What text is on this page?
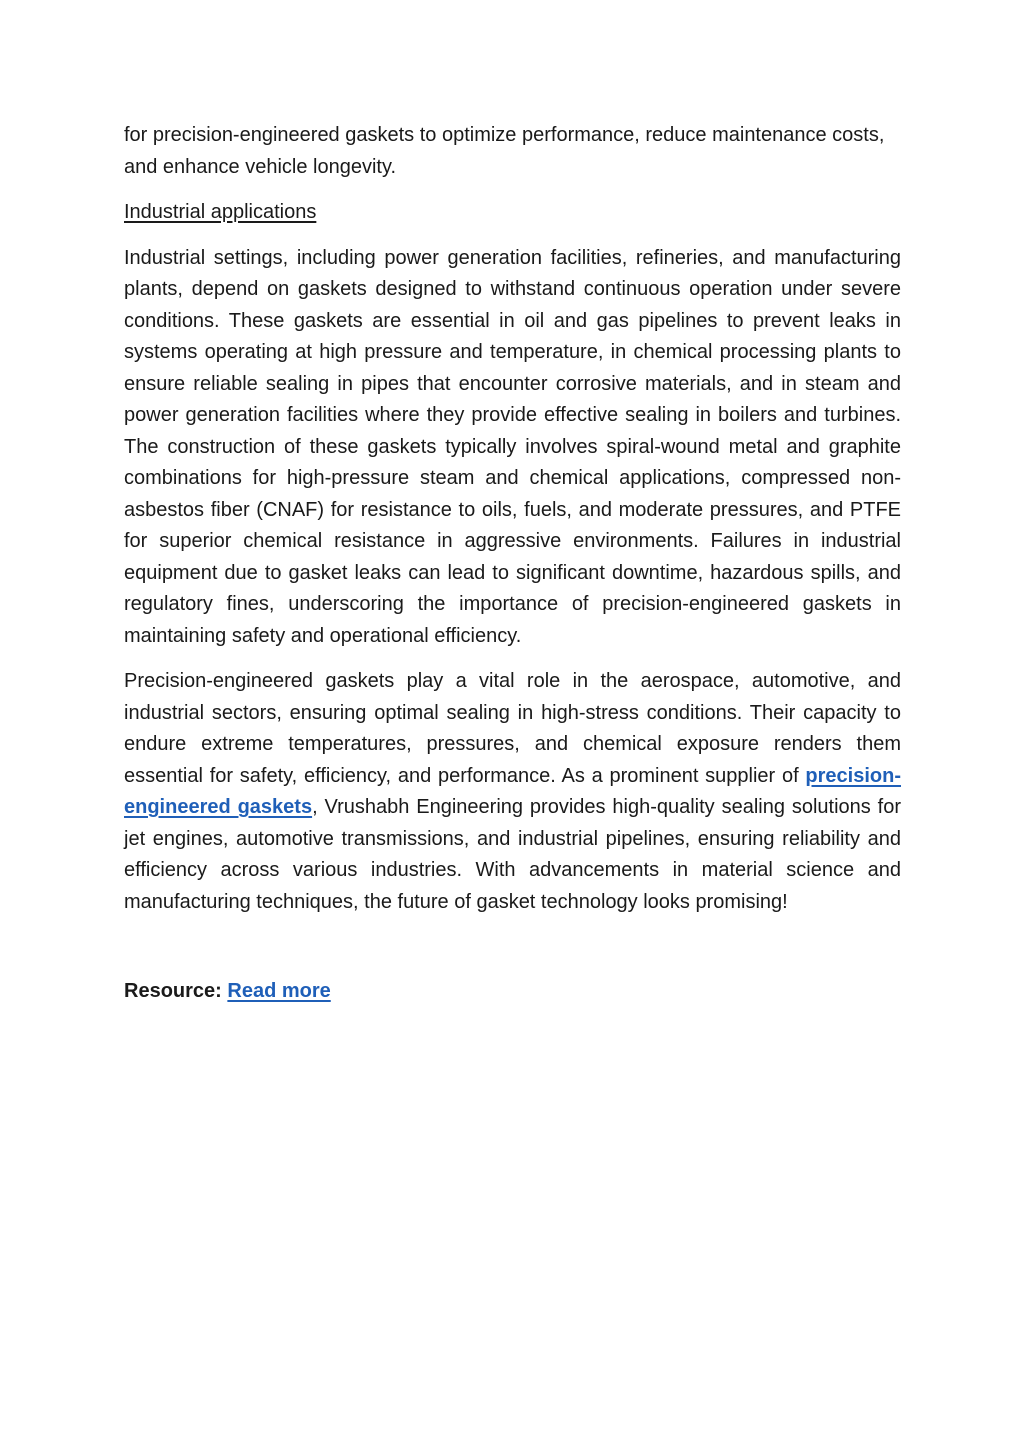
for precision-engineered gaskets to optimize performance, reduce maintenance costs, and enhance vehicle longevity.

Industrial applications

Industrial settings, including power generation facilities, refineries, and manufacturing plants, depend on gaskets designed to withstand continuous operation under severe conditions. These gaskets are essential in oil and gas pipelines to prevent leaks in systems operating at high pressure and temperature, in chemical processing plants to ensure reliable sealing in pipes that encounter corrosive materials, and in steam and power generation facilities where they provide effective sealing in boilers and turbines. The construction of these gaskets typically involves spiral-wound metal and graphite combinations for high-pressure steam and chemical applications, compressed non-asbestos fiber (CNAF) for resistance to oils, fuels, and moderate pressures, and PTFE for superior chemical resistance in aggressive environments. Failures in industrial equipment due to gasket leaks can lead to significant downtime, hazardous spills, and regulatory fines, underscoring the importance of precision-engineered gaskets in maintaining safety and operational efficiency.

Precision-engineered gaskets play a vital role in the aerospace, automotive, and industrial sectors, ensuring optimal sealing in high-stress conditions. Their capacity to endure extreme temperatures, pressures, and chemical exposure renders them essential for safety, efficiency, and performance. As a prominent supplier of precision-engineered gaskets, Vrushabh Engineering provides high-quality sealing solutions for jet engines, automotive transmissions, and industrial pipelines, ensuring reliability and efficiency across various industries. With advancements in material science and manufacturing techniques, the future of gasket technology looks promising!

Resource: Read more
